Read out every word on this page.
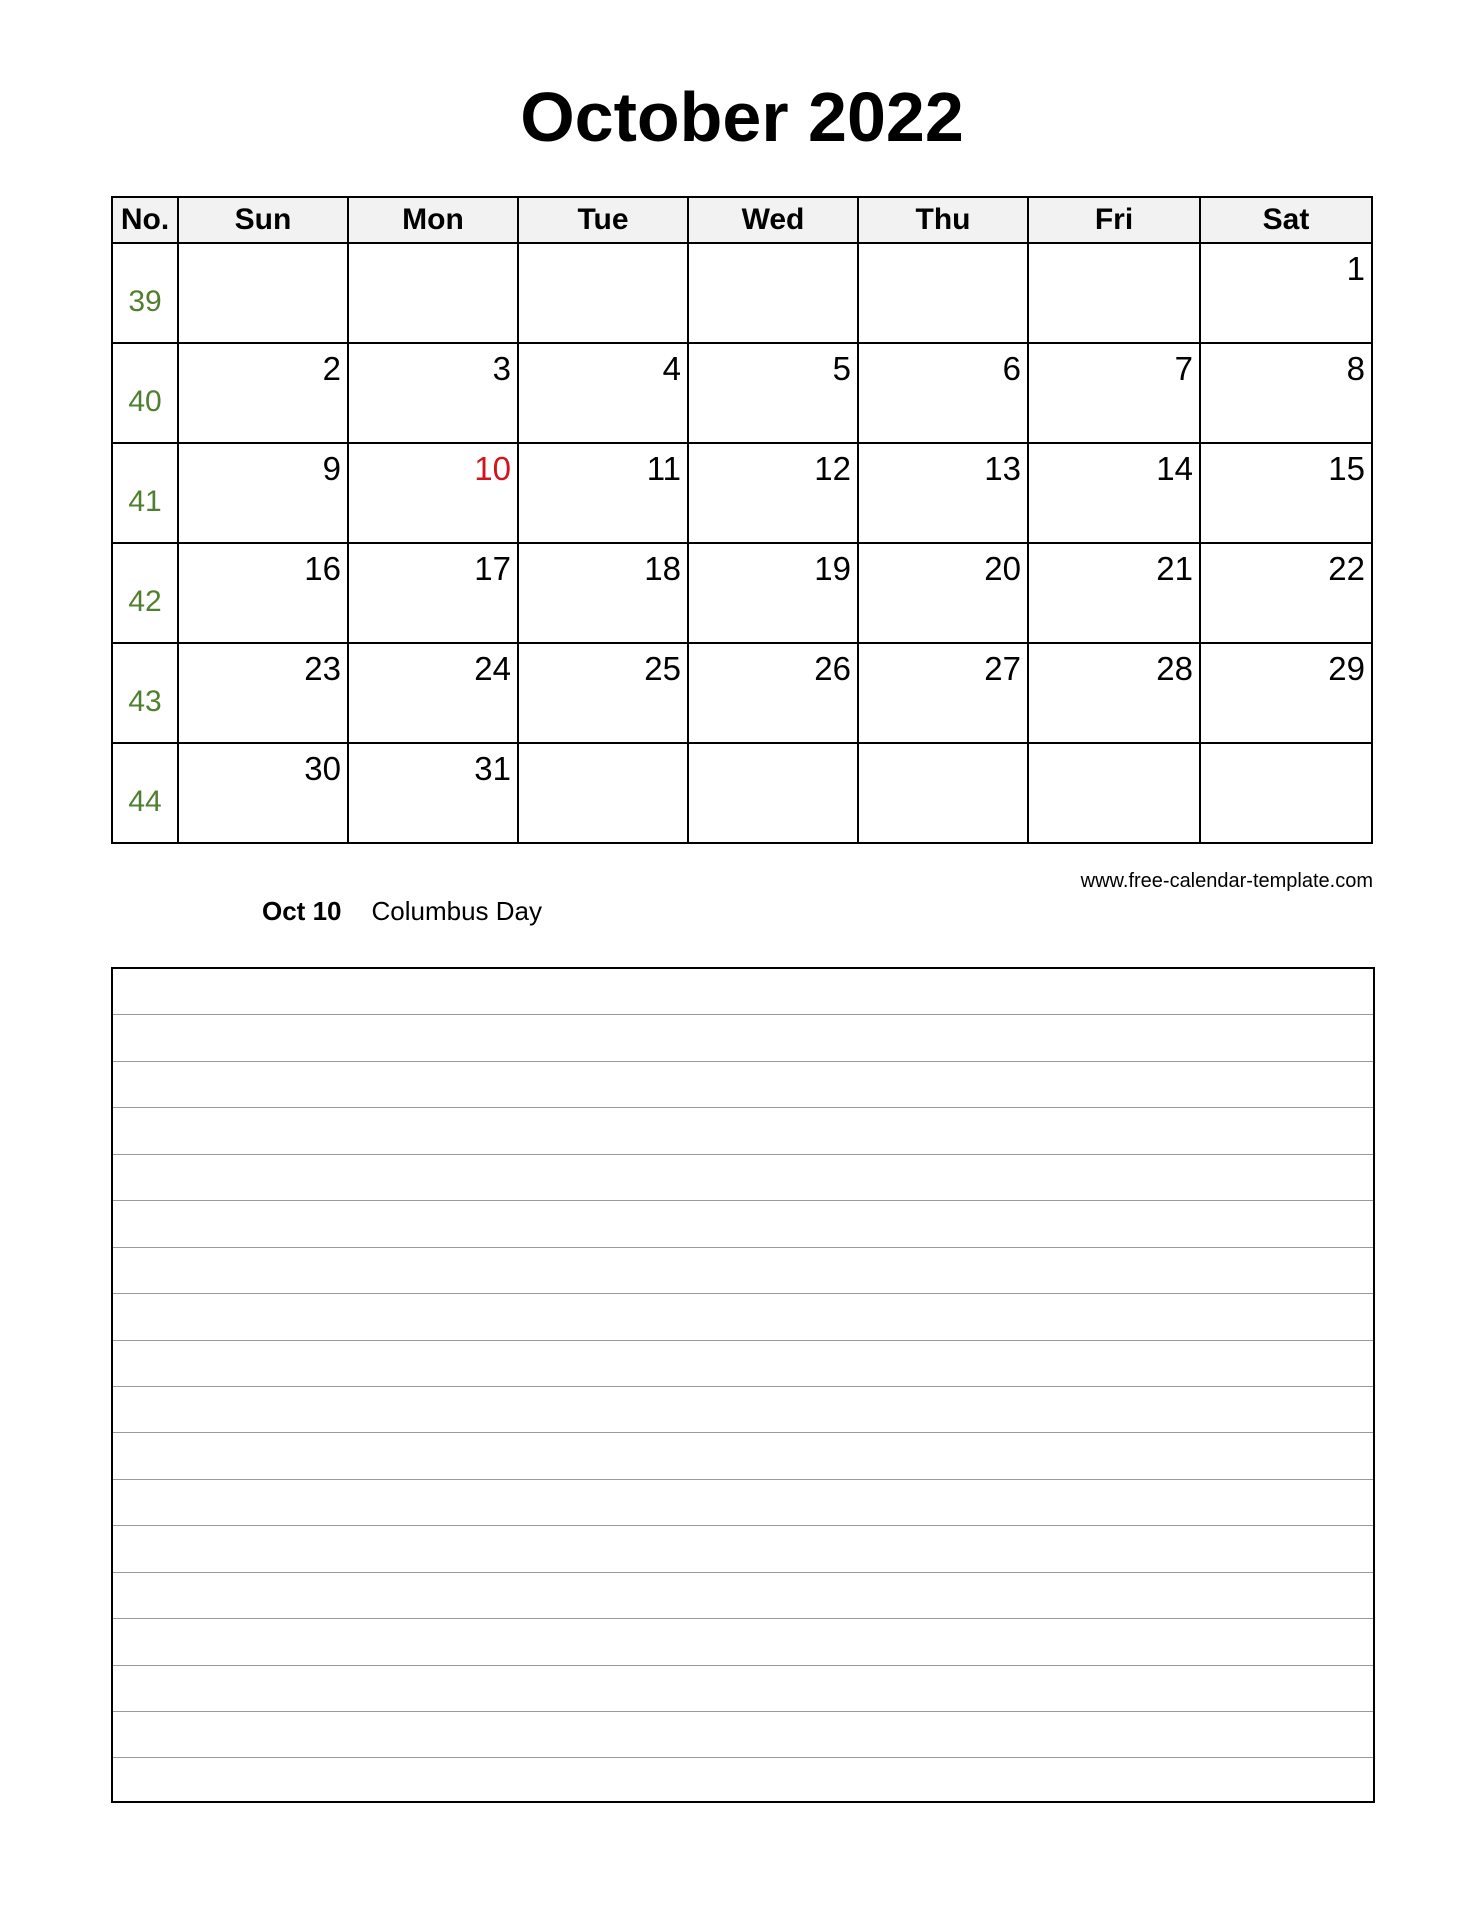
October 2022
No.	Sun	Mon	Tue	Wed	Thu	Fri	Sat
39							1
40	2	3	4	5	6	7	8
41	9	10	11	12	13	14	15
42	16	17	18	19	20	21	22
43	23	24	25	26	27	28	29
44	30	31					
www.free-calendar-template.com
Oct 10 Columbus Day
